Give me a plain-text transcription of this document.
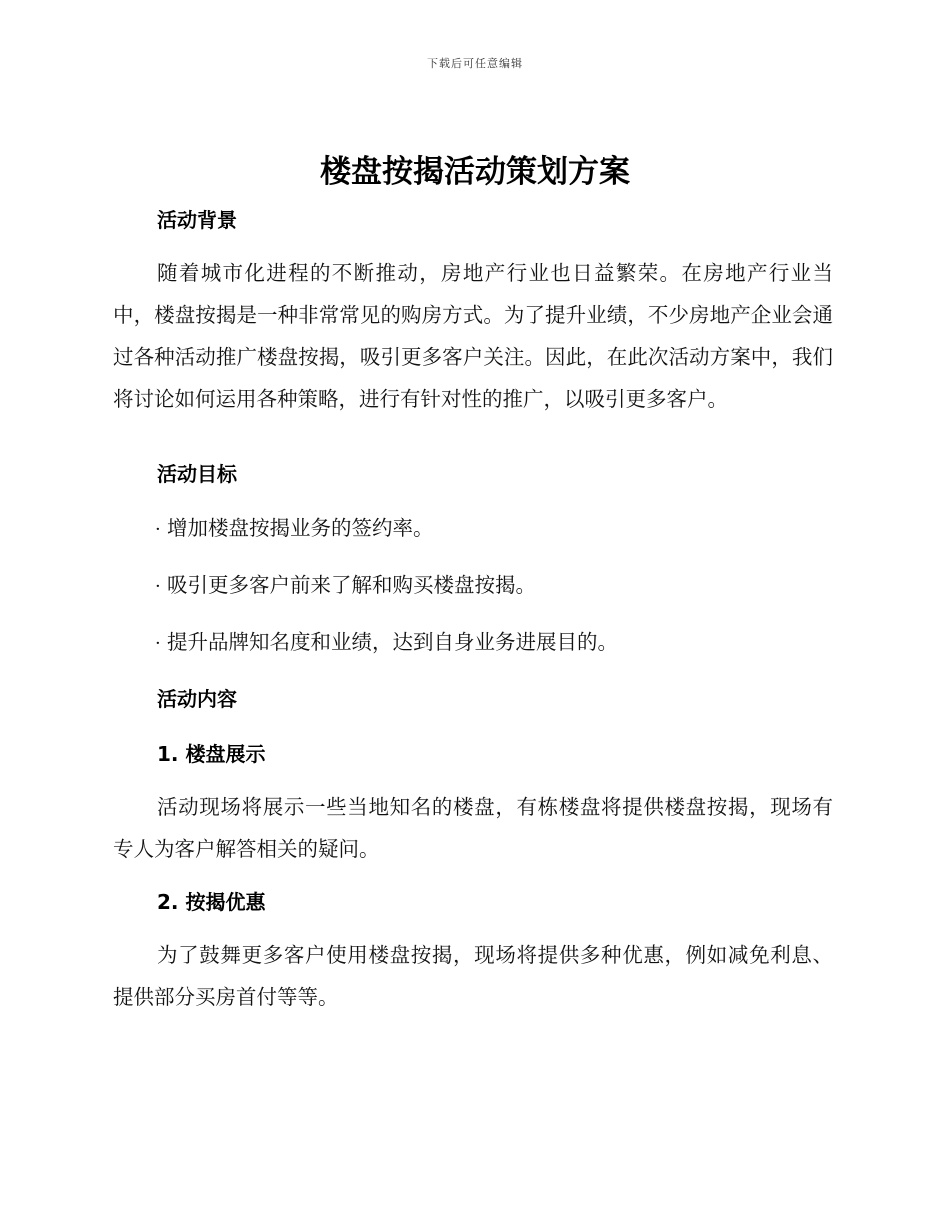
下载后可任意编辑
楼盘按揭活动策划方案
活动背景

随着城市化进程的不断推动，房地产行业也日益繁荣。在房地产行业当中，楼盘按揭是一种非常常见的购房方式。为了提升业绩，不少房地产企业会通过各种活动推广楼盘按揭，吸引更多客户关注。因此，在此次活动方案中，我们将讨论如何运用各种策略，进行有针对性的推广，以吸引更多客户。

活动目标
· 增加楼盘按揭业务的签约率。
· 吸引更多客户前来了解和购买楼盘按揭。
· 提升品牌知名度和业绩，达到自身业务进展目的。
活动内容
1. 楼盘展示

活动现场将展示一些当地知名的楼盘，有栋楼盘将提供楼盘按揭，现场有专人为客户解答相关的疑问。

2. 按揭优惠

为了鼓舞更多客户使用楼盘按揭，现场将提供多种优惠，例如减免利息、提供部分买房首付等等。
